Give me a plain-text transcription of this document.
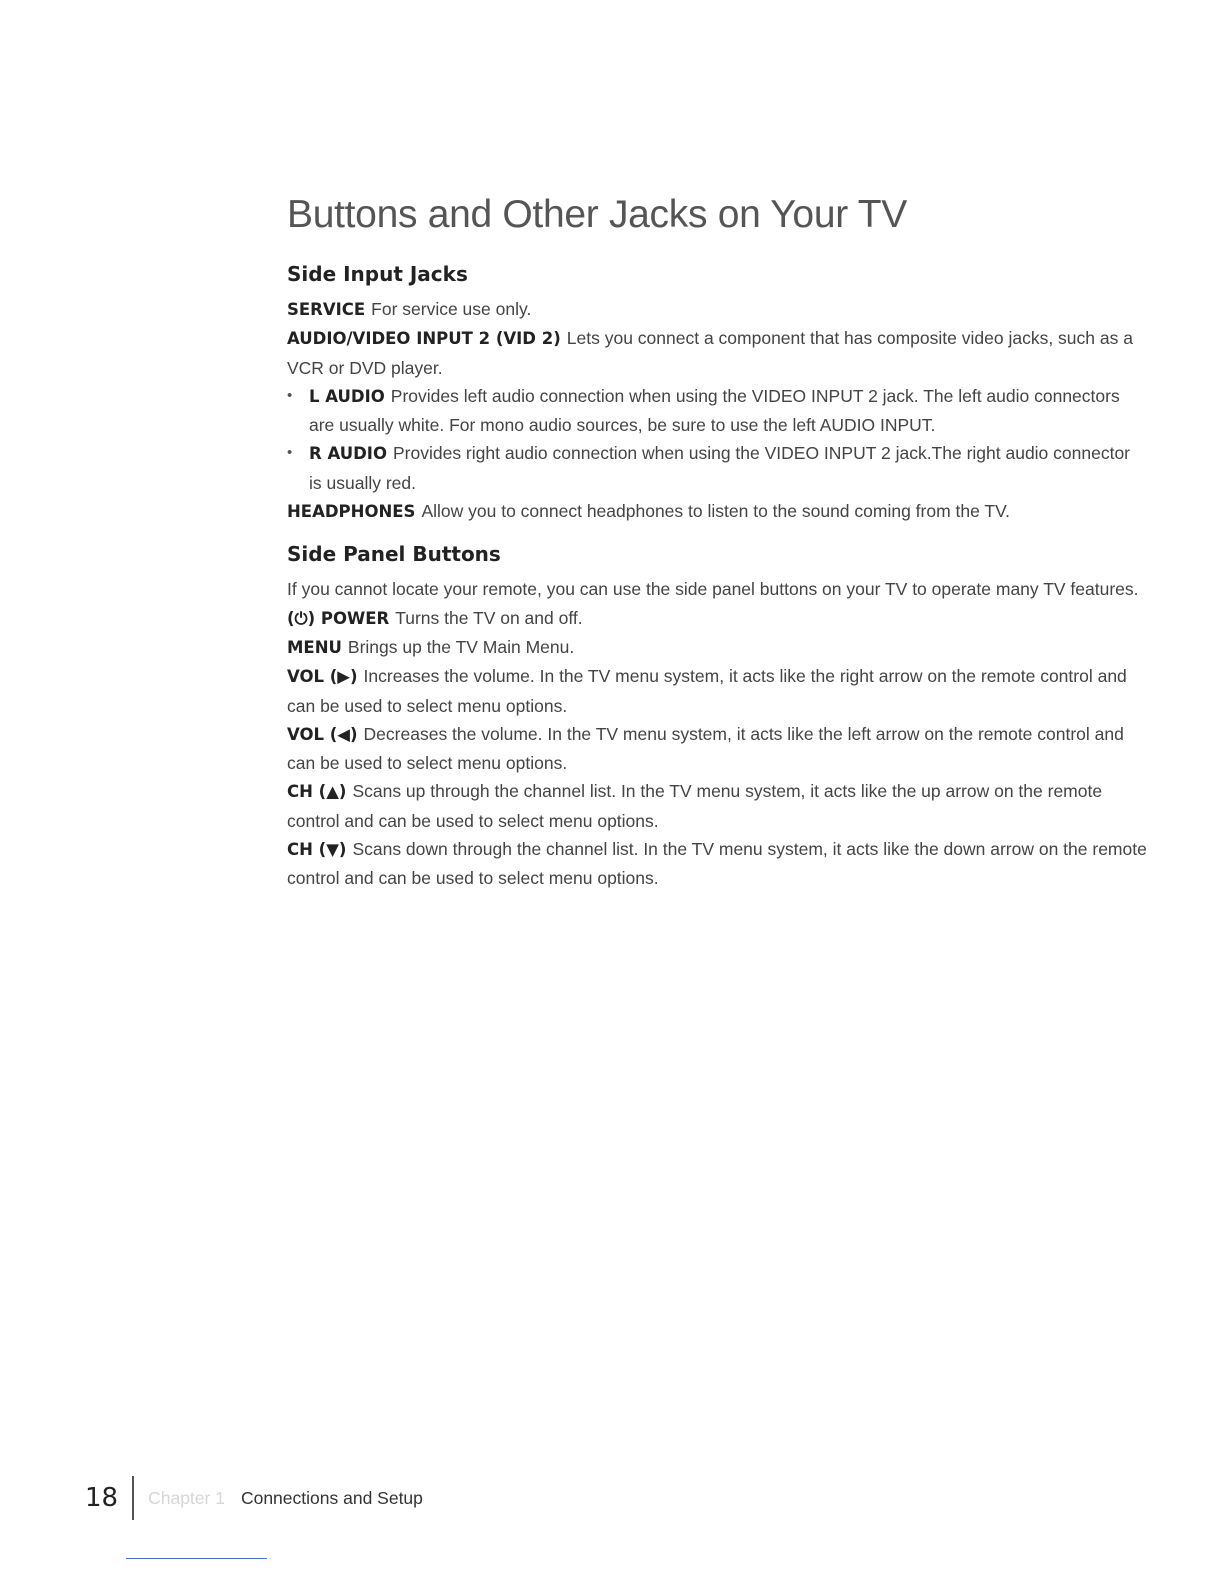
Buttons and Other Jacks on Your TV
Side Input Jacks

SERVICE For service use only.

AUDIO/VIDEO INPUT 2 (VID 2) Lets you connect a component that has composite video jacks, such as a VCR or DVD player.

• L AUDIO Provides left audio connection when using the VIDEO INPUT 2 jack. The left audio connectors are usually white. For mono audio sources, be sure to use the left AUDIO INPUT.

• R AUDIO Provides right audio connection when using the VIDEO INPUT 2 jack.The right audio connector is usually red.

HEADPHONES Allow you to connect headphones to listen to the sound coming from the TV.

Side Panel Buttons

If you cannot locate your remote, you can use the side panel buttons on your TV to operate many TV features.

(⏻) POWER Turns the TV on and off.

MENU Brings up the TV Main Menu.

VOL (▶) Increases the volume. In the TV menu system, it acts like the right arrow on the remote control and can be used to select menu options.

VOL (◀) Decreases the volume. In the TV menu system, it acts like the left arrow on the remote control and can be used to select menu options.

CH (▲) Scans up through the channel list. In the TV menu system, it acts like the up arrow on the remote control and can be used to select menu options.

CH (▼) Scans down through the channel list. In the TV menu system, it acts like the down arrow on the remote control and can be used to select menu options.

18 Chapter 1 Connections and Setup
